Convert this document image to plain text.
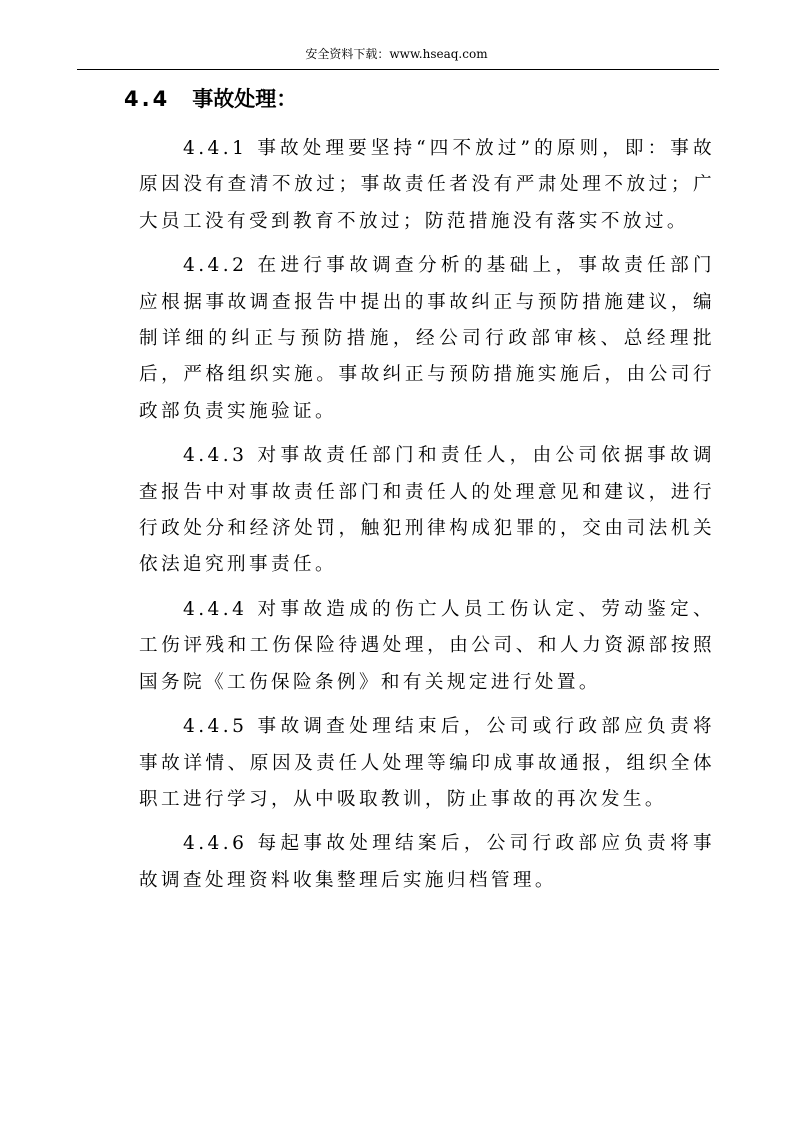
安全资料下载：www.hseaq.com
4.4 事故处理：

4.4.1 事故处理要坚持“四不放过”的原则，即：事故原因没有查清不放过；事故责任者没有严肃处理不放过；广大员工没有受到教育不放过；防范措施没有落实不放过。

4.4.2 在进行事故调查分析的基础上，事故责任部门应根据事故调查报告中提出的事故纠正与预防措施建议，编制详细的纠正与预防措施，经公司行政部审核、总经理批后，严格组织实施。事故纠正与预防措施实施后，由公司行政部负责实施验证。

4.4.3 对事故责任部门和责任人，由公司依据事故调查报告中对事故责任部门和责任人的处理意见和建议，进行行政处分和经济处罚，触犯刑律构成犯罪的，交由司法机关依法追究刑事责任。

4.4.4 对事故造成的伤亡人员工伤认定、劳动鉴定、工伤评残和工伤保险待遇处理，由公司、和人力资源部按照国务院《工伤保险条例》和有关规定进行处置。

4.4.5 事故调查处理结束后，公司或行政部应负责将事故详情、原因及责任人处理等编印成事故通报，组织全体职工进行学习，从中吸取教训，防止事故的再次发生。

4.4.6 每起事故处理结案后，公司行政部应负责将事故调查处理资料收集整理后实施归档管理。
